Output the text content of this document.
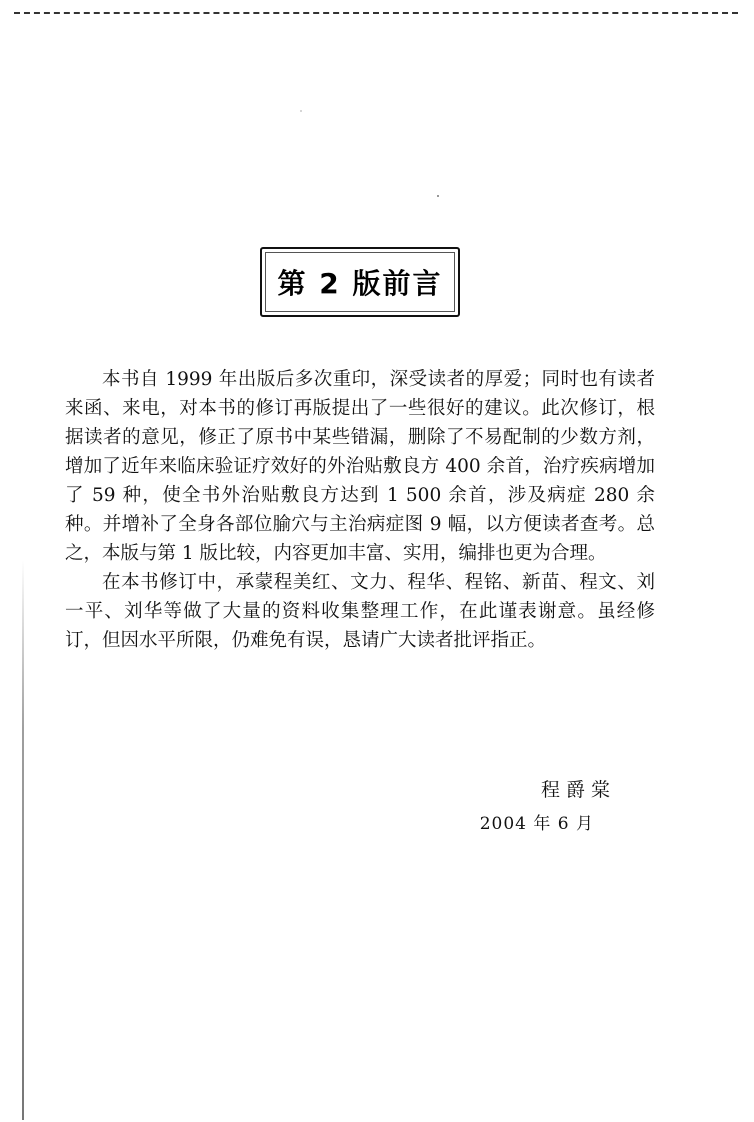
第 2 版前言

本书自 1999 年出版后多次重印，深受读者的厚爱；同时也有读者来函、来电，对本书的修订再版提出了一些很好的建议。此次修订，根据读者的意见，修正了原书中某些错漏，删除了不易配制的少数方剂，增加了近年来临床验证疗效好的外治贴敷良方 400 余首，治疗疾病增加了 59 种，使全书外治贴敷良方达到 1 500 余首，涉及病症 280 余种。并增补了全身各部位腧穴与主治病症图 9 幅，以方便读者查考。总之，本版与第 1 版比较，内容更加丰富、实用，编排也更为合理。

在本书修订中，承蒙程美红、文力、程华、程铭、新苗、程文、刘一平、刘华等做了大量的资料收集整理工作，在此谨表谢意。虽经修订，但因水平所限，仍难免有误，恳请广大读者批评指正。

程爵棠
2004 年 6 月
